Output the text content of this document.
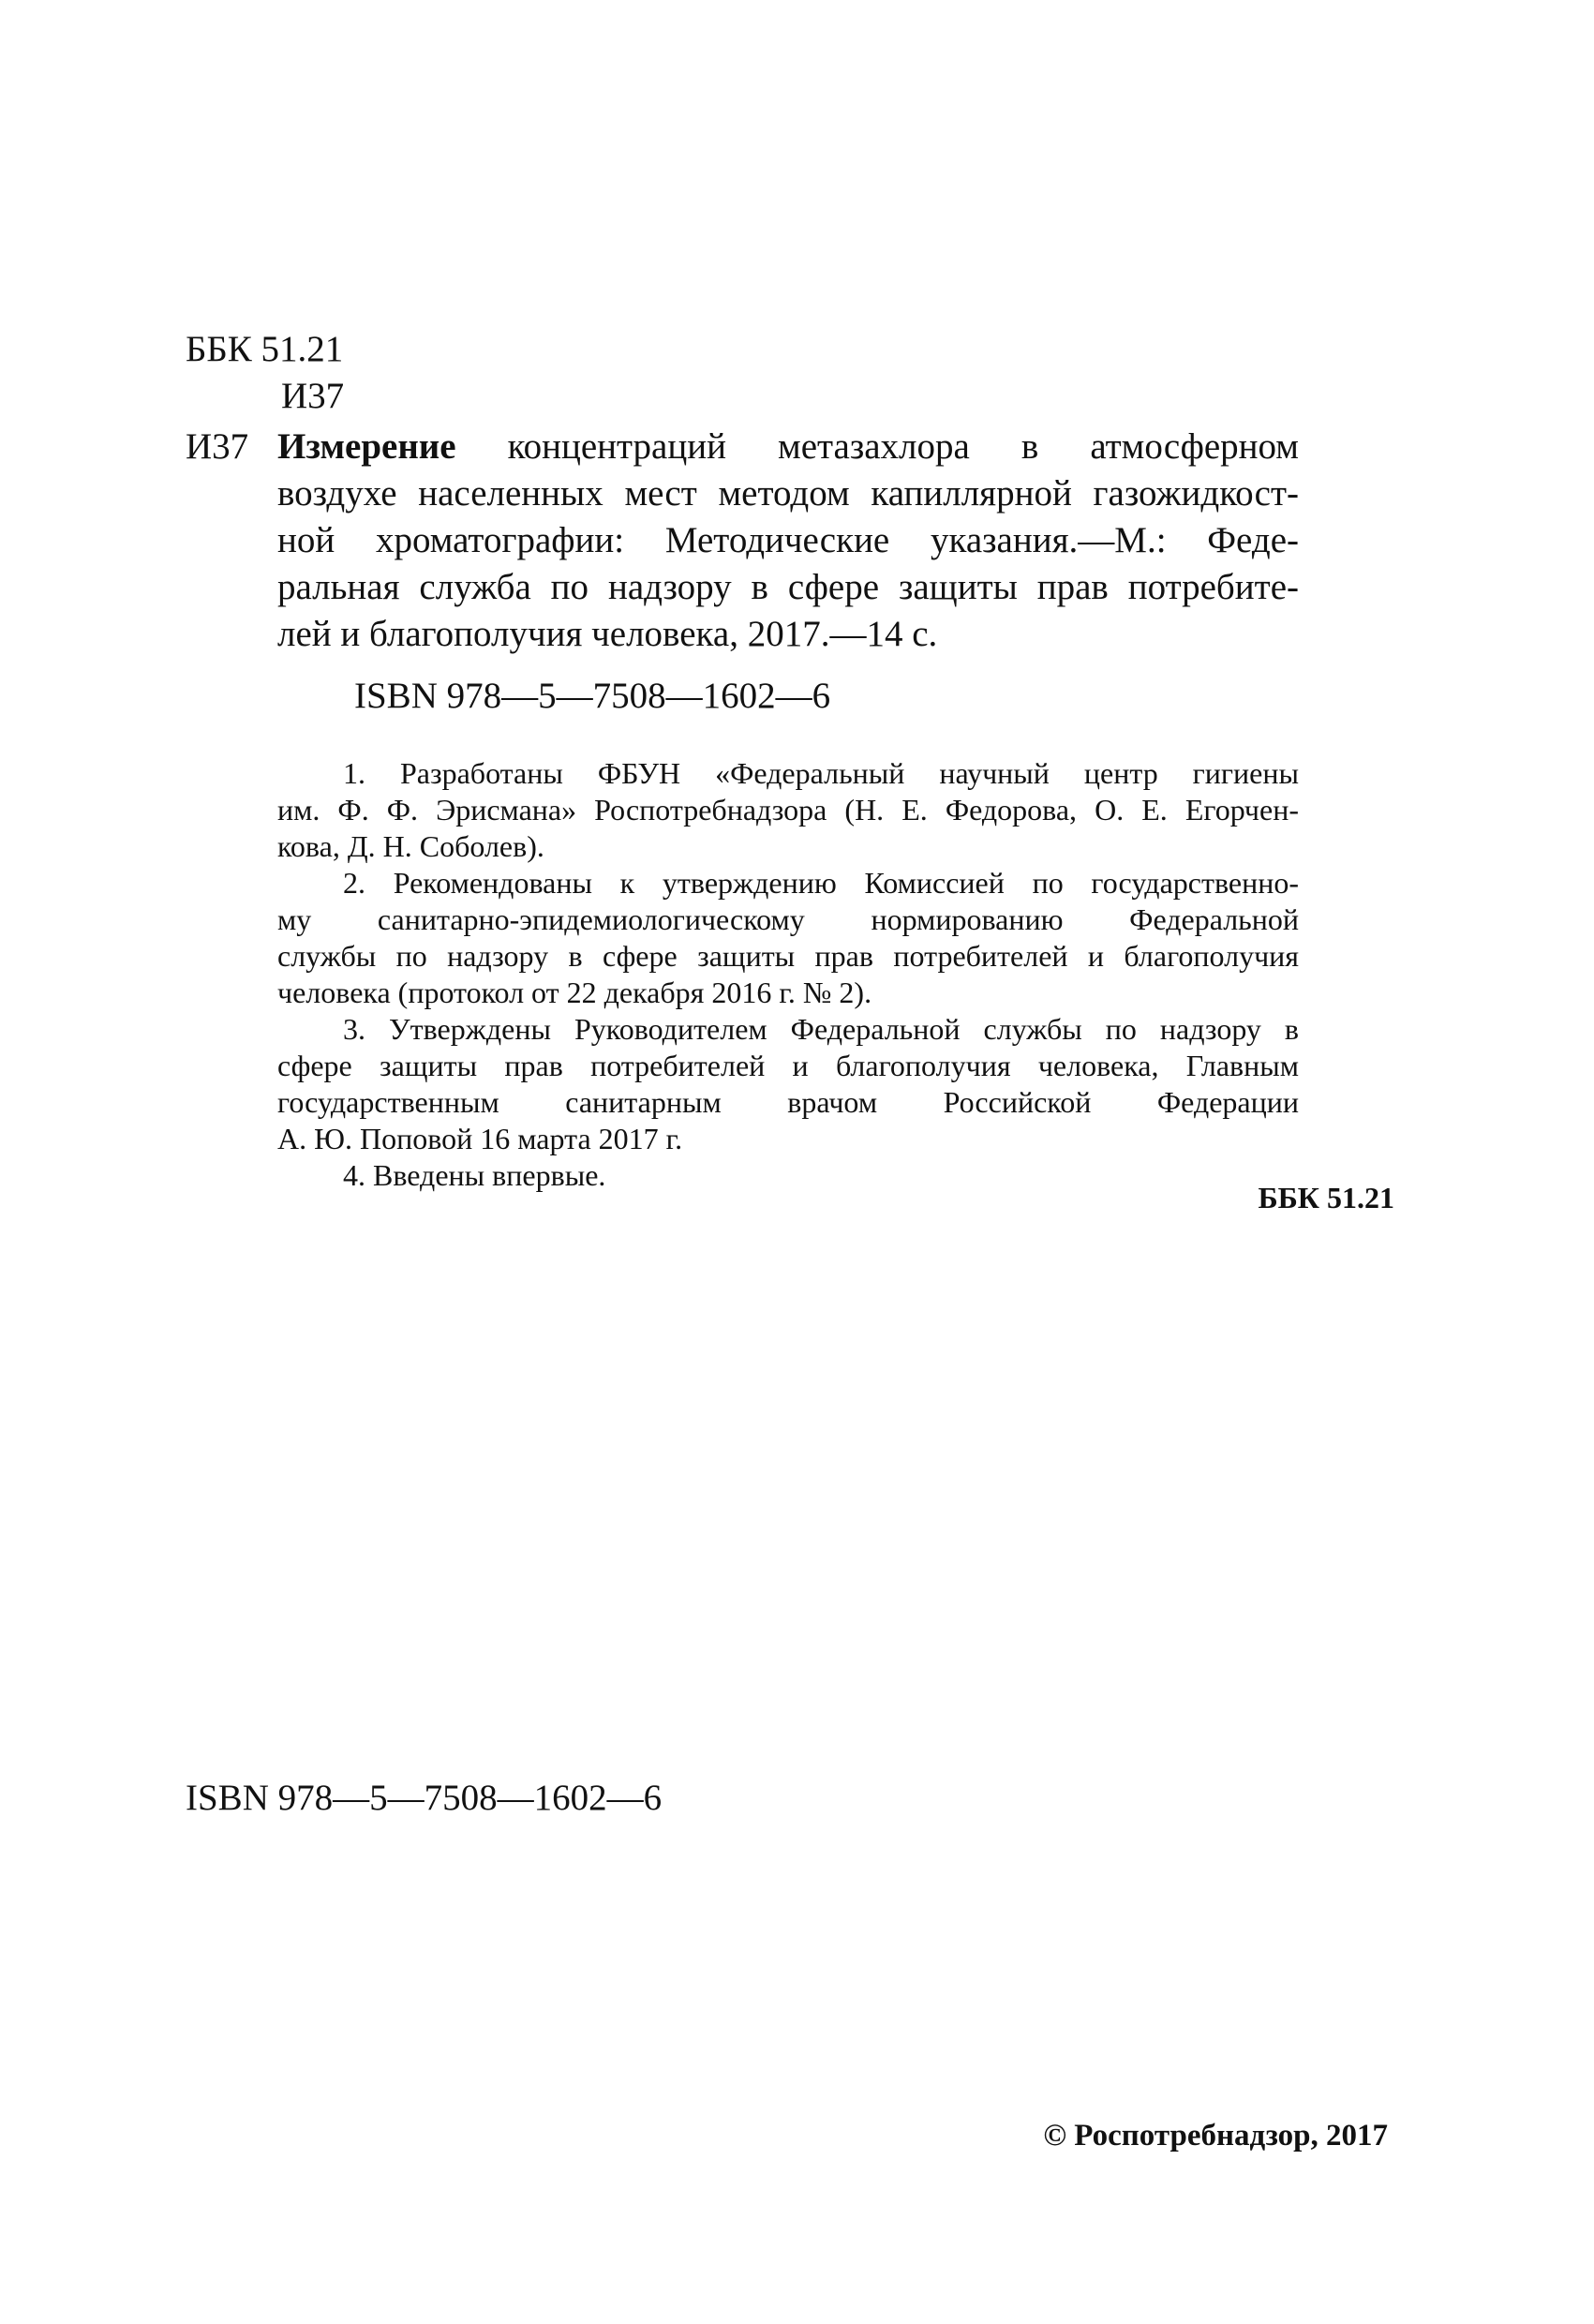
ББК 51.21
И37
И37 Измерение концентраций метазахлора в атмосферном
воздухе населенных мест методом капиллярной газожидкост-
ной хроматографии: Методические указания.—М.: Феде-
ральная служба по надзору в сфере защиты прав потребите-
лей и благополучия человека, 2017.—14 с.
ISBN 978—5—7508—1602—6
1. Разработаны ФБУН «Федеральный научный центр гигиены
им. Ф. Ф. Эрисмана» Роспотребнадзора (Н. Е. Федорова, О. Е. Егорчен-
кова, Д. Н. Соболев).
2. Рекомендованы к утверждению Комиссией по государственно-
му санитарно-эпидемиологическому нормированию Федеральной
службы по надзору в сфере защиты прав потребителей и благополучия
человека (протокол от 22 декабря 2016 г. № 2).
3. Утверждены Руководителем Федеральной службы по надзору в
сфере защиты прав потребителей и благополучия человека, Главным
государственным санитарным врачом Российской Федерации
А. Ю. Поповой 16 марта 2017 г.
4. Введены впервые.
ББК 51.21
ISBN 978—5—7508—1602—6
© Роспотребнадзор, 2017
